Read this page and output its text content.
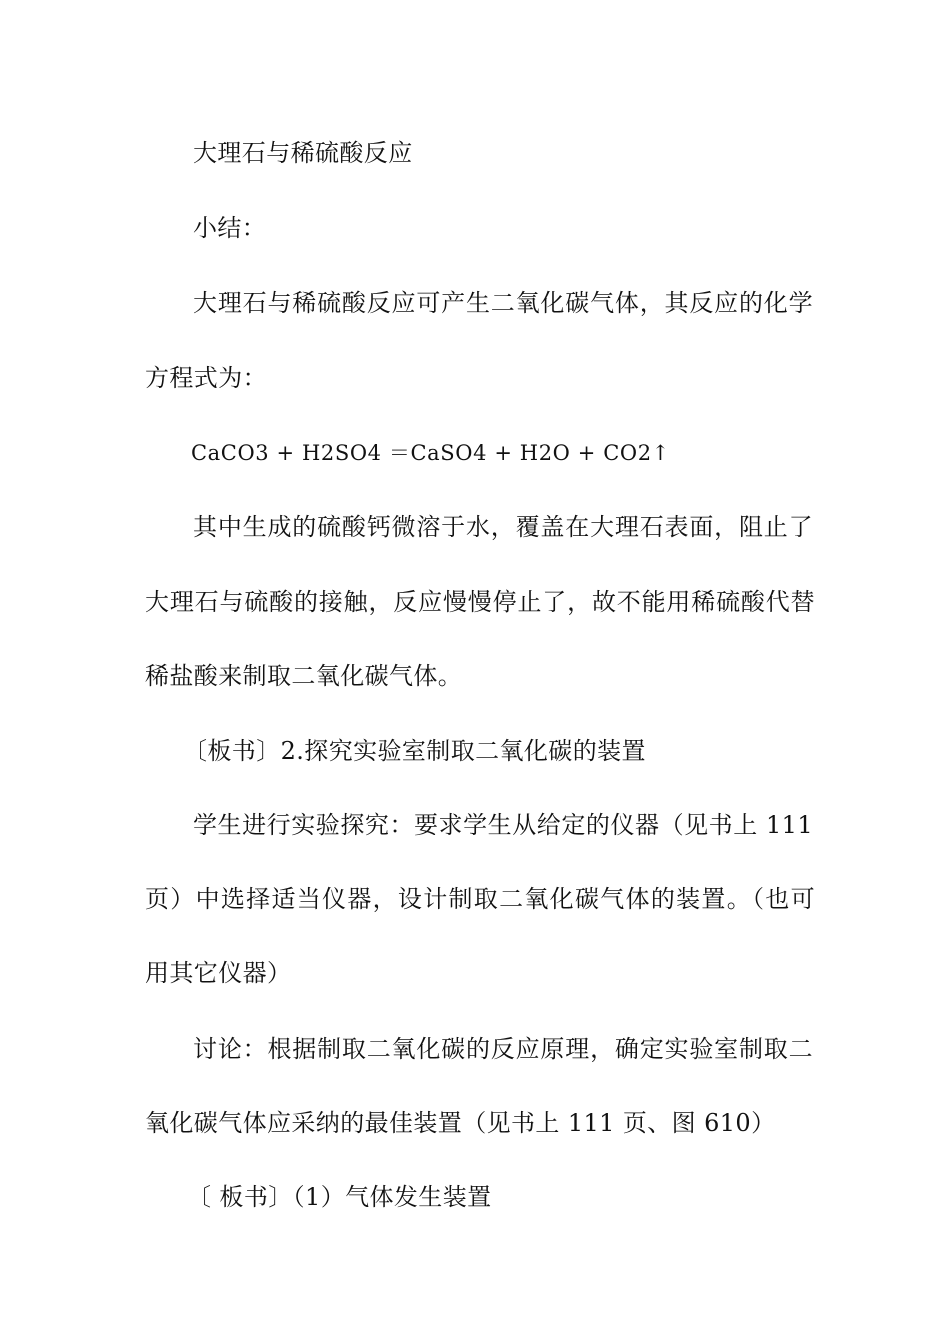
大理石与稀硫酸反应
小结：
大理石与稀硫酸反应可产生二氧化碳气体，其反应的化学
方程式为：
CaCO3 + H2SO4 ＝CaSO4 + H2O + CO2↑
其中生成的硫酸钙微溶于水，覆盖在大理石表面，阻止了
大理石与硫酸的接触，反应慢慢停止了，故不能用稀硫酸代替
稀盐酸来制取二氧化碳气体。
〔板书〕2.探究实验室制取二氧化碳的装置
学生进行实验探究：要求学生从给定的仪器（见书上 111
页）中选择适当仪器，设计制取二氧化碳气体的装置。（也可
用其它仪器）
讨论：根据制取二氧化碳的反应原理，确定实验室制取二
氧化碳气体应采纳的最佳装置（见书上 111 页、图 610）
〔 板书〕（1）气体发生装置
